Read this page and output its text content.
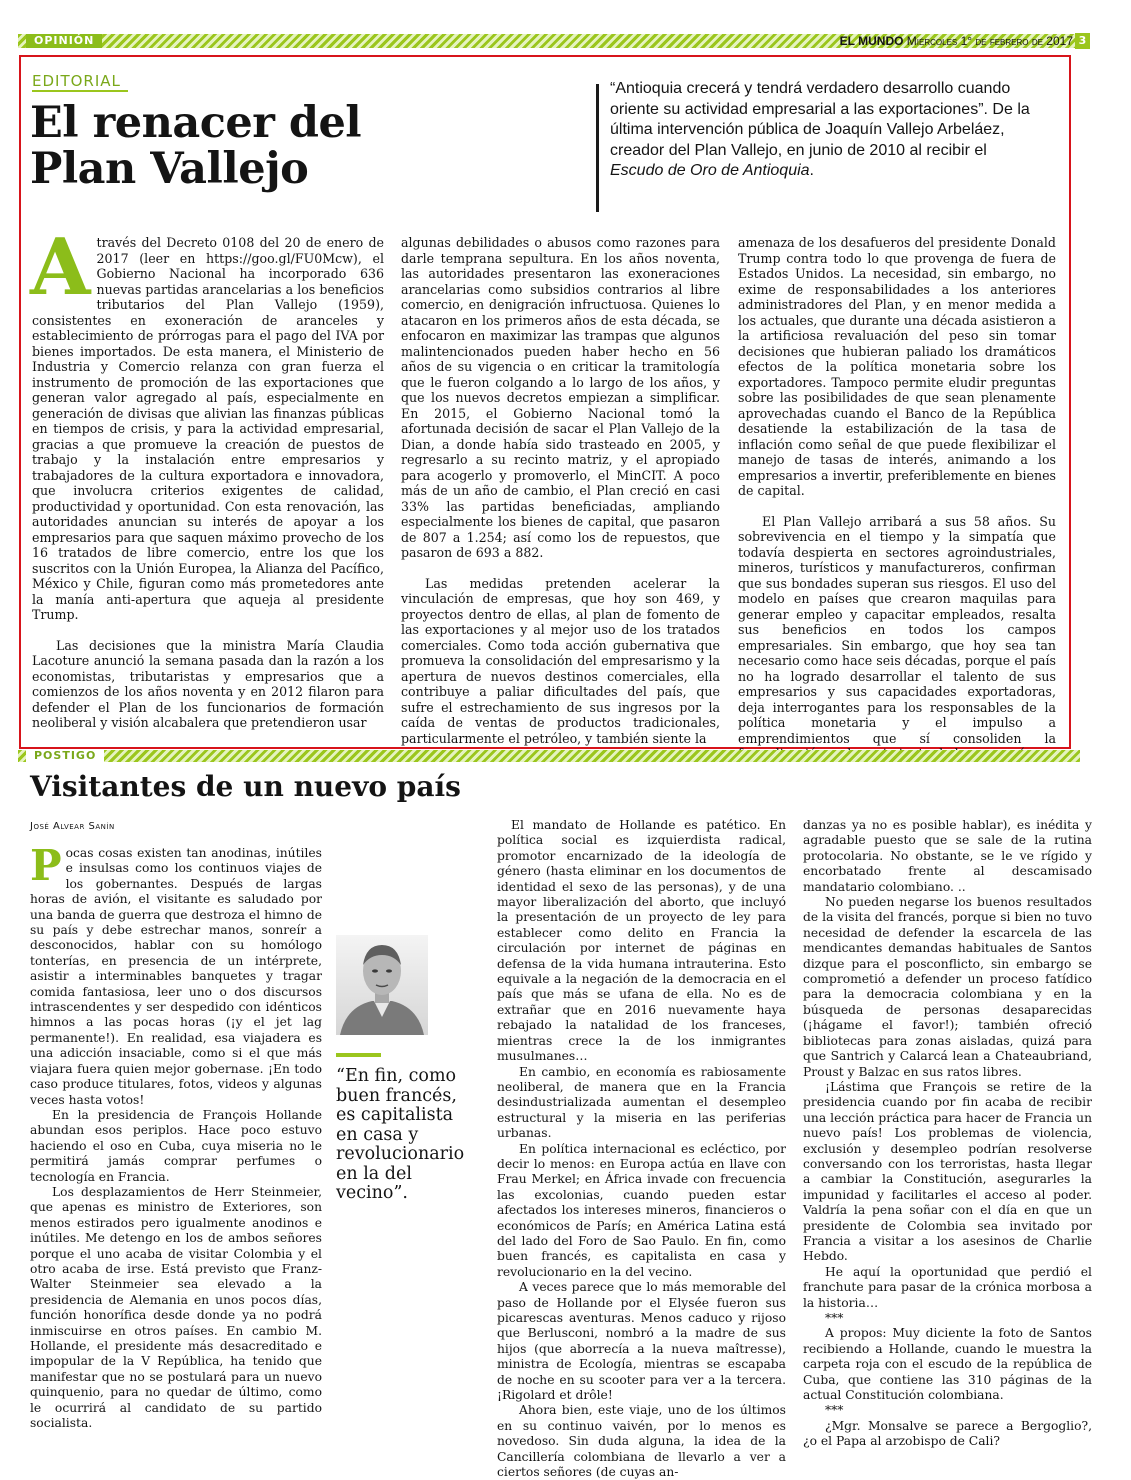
OPINIÓN	EL MUNDO Miércoles 1° de febrero de 2017 3
EDITORIAL
El renacer del Plan Vallejo
“Antioquia crecerá y tendrá verdadero desarrollo cuando oriente su actividad empresarial a las exportaciones”. De la última intervención pública de Joaquín Vallejo Arbeláez, creador del Plan Vallejo, en junio de 2010 al recibir el Escudo de Oro de Antioquia.

Através del Decreto 0108 del 20 de enero de 2017 (leer en https://goo.gl/FU0Mcw), el Gobierno Nacional ha incorporado 636 nuevas partidas arancelarias a los beneficios tributarios del Plan Vallejo (1959), consistentes en exoneración de aranceles y establecimiento de prórrogas para el pago del IVA por bienes importados. De esta manera, el Ministerio de Industria y Comercio relanza con gran fuerza el instrumento de promoción de las exportaciones que generan valor agregado al país, especialmente en generación de divisas que alivian las finanzas públicas en tiempos de crisis, y para la actividad empresarial, gracias a que promueve la creación de puestos de trabajo y la instalación entre empresarios y trabajadores de la cultura exportadora e innovadora, que involucra criterios exigentes de calidad, productividad y oportunidad. Con esta renovación, las autoridades anuncian su interés de apoyar a los empresarios para que saquen máximo provecho de los 16 tratados de libre comercio, entre los que los suscritos con la Unión Europea, la Alianza del Pacífico, México y Chile, figuran como más prometedores ante la manía anti-apertura que aqueja al presidente Trump.

Las decisiones que la ministra María Claudia Lacoture anunció la semana pasada dan la razón a los economistas, tributaristas y empresarios que a comienzos de los años noventa y en 2012 filaron para defender el Plan de los funcionarios de formación neoliberal y visión alcabalera que pretendieron usar

algunas debilidades o abusos como razones para darle temprana sepultura. En los años noventa, las autoridades presentaron las exoneraciones arancelarias como subsidios contrarios al libre comercio, en denigración infructuosa. Quienes lo atacaron en los primeros años de esta década, se enfocaron en maximizar las trampas que algunos malintencionados pueden haber hecho en 56 años de su vigencia o en criticar la tramitología que le fueron colgando a lo largo de los años, y que los nuevos decretos empiezan a simplificar. En 2015, el Gobierno Nacional tomó la afortunada decisión de sacar el Plan Vallejo de la Dian, a donde había sido trasteado en 2005, y regresarlo a su recinto matriz, y el apropiado para acogerlo y promoverlo, el MinCIT. A poco más de un año de cambio, el Plan creció en casi 33% las partidas beneficiadas, ampliando especialmente los bienes de capital, que pasaron de 807 a 1.254; así como los de repuestos, que pasaron de 693 a 882.

Las medidas pretenden acelerar la vinculación de empresas, que hoy son 469, y proyectos dentro de ellas, al plan de fomento de las exportaciones y al mejor uso de los tratados comerciales. Como toda acción gubernativa que promueva la consolidación del empresarismo y la apertura de nuevos destinos comerciales, ella contribuye a paliar dificultades del país, que sufre el estrechamiento de sus ingresos por la caída de ventas de productos tradicionales, particularmente el petróleo, y también siente la

amenaza de los desafueros del presidente Donald Trump contra todo lo que provenga de fuera de Estados Unidos. La necesidad, sin embargo, no exime de responsabilidades a los anteriores administradores del Plan, y en menor medida a los actuales, que durante una década asistieron a la artificiosa revaluación del peso sin tomar decisiones que hubieran paliado los dramáticos efectos de la política monetaria sobre los exportadores. Tampoco permite eludir preguntas sobre las posibilidades de que sean plenamente aprovechadas cuando el Banco de la República desatiende la estabilización de la tasa de inflación como señal de que puede flexibilizar el manejo de tasas de interés, animando a los empresarios a invertir, preferiblemente en bienes de capital.

El Plan Vallejo arribará a sus 58 años. Su sobrevivencia en el tiempo y la simpatía que todavía despierta en sectores agroindustriales, mineros, turísticos y manufactureros, confirman que sus bondades superan sus riesgos. El uso del modelo en países que crearon maquilas para generar empleo y capacitar empleados, resalta sus beneficios en todos los campos empresariales. Sin embargo, que hoy sea tan necesario como hace seis décadas, porque el país no ha logrado desarrollar el talento de sus empresarios y sus capacidades exportadoras, deja interrogantes para los responsables de la política monetaria y el impulso a emprendimientos que sí consoliden la

POSTIGO
Visitantes de un nuevo país
José Alvear Sanín

Pocas cosas existen tan anodinas, inútiles e insulsas como los continuos viajes de los gobernantes. Después de largas horas de avión, el visitante es saludado por una banda de guerra que destroza el himno de su país y debe estrechar manos, sonreír a desconocidos, hablar con su homólogo tonterías, en presencia de un intérprete, asistir a interminables banquetes y tragar comida fantasiosa, leer uno o dos discursos intrascendentes y ser despedido con idénticos himnos a las pocas horas (¡y el jet lag permanente!). En realidad, esa viajadera es una adicción insaciable, como si el que más viajara fuera quien mejor gobernase. ¡En todo caso produce titulares, fotos, videos y algunas veces hasta votos!

En la presidencia de François Hollande abundan esos periplos. Hace poco estuvo haciendo el oso en Cuba, cuya miseria no le permitirá jamás comprar perfumes o tecnología en Francia.

Los desplazamientos de Herr Steinmeier, que apenas es ministro de Exteriores, son menos estirados pero igualmente anodinos e inútiles. Me detengo en los de ambos señores porque el uno acaba de visitar Colombia y el otro acaba de irse. Está previsto que Franz-Walter Steinmeier sea elevado a la presidencia de Alemania en unos pocos días, función honorífica desde donde ya no podrá inmiscuirse en otros países. En cambio M. Hollande, el presidente más desacreditado e impopular de la V República, ha tenido que manifestar que no se postulará para un nuevo quinquenio, para no quedar de último, como le ocurrirá al candidato de su partido socialista.

“En fin, como buen francés, es capitalista en casa y revolucionario en la del vecino”.

El mandato de Hollande es patético. En política social es izquierdista radical, promotor encarnizado de la ideología de género (hasta eliminar en los documentos de identidad el sexo de las personas), y de una mayor liberalización del aborto, que incluyó la presentación de un proyecto de ley para establecer como delito en Francia la circulación por internet de páginas en defensa de la vida humana intrauterina. Esto equivale a la negación de la democracia en el país que más se ufana de ella. No es de extrañar que en 2016 nuevamente haya rebajado la natalidad de los franceses, mientras crece la de los inmigrantes musulmanes…

En cambio, en economía es rabiosamente neoliberal, de manera que en la Francia desindustrializada aumentan el desempleo estructural y la miseria en las periferias urbanas.

En política internacional es ecléctico, por decir lo menos: en Europa actúa en llave con Frau Merkel; en África invade con frecuencia las excolonias, cuando pueden estar afectados los intereses mineros, financieros o económicos de París; en América Latina está del lado del Foro de Sao Paulo. En fin, como buen francés, es capitalista en casa y revolucionario en la del vecino.

A veces parece que lo más memorable del paso de Hollande por el Elysée fueron sus picarescas aventuras. Menos caduco y rijoso que Berlusconi, nombró a la madre de sus hijos (que aborrecía a la nueva maîtresse), ministra de Ecología, mientras se escapaba de noche en su scooter para ver a la tercera. ¡Rigolard et drôle!

Ahora bien, este viaje, uno de los últimos en su continuo vaivén, por lo menos es novedoso. Sin duda alguna, la idea de la Cancillería colombiana de llevarlo a ver a ciertos señores (de cuyas an-

danzas ya no es posible hablar), es inédita y agradable puesto que se sale de la rutina protocolaria. No obstante, se le ve rígido y encorbatado frente al descamisado mandatario colombiano. ..

No pueden negarse los buenos resultados de la visita del francés, porque si bien no tuvo necesidad de defender la escarcela de las mendicantes demandas habituales de Santos dizque para el posconflicto, sin embargo se comprometió a defender un proceso fatídico para la democracia colombiana y en la búsqueda de personas desaparecidas (¡hágame el favor!); también ofreció bibliotecas para zonas aisladas, quizá para que Santrich y Calarcá lean a Chateaubriand, Proust y Balzac en sus ratos libres.

¡Lástima que François se retire de la presidencia cuando por fin acaba de recibir una lección práctica para hacer de Francia un nuevo país! Los problemas de violencia, exclusión y desempleo podrían resolverse conversando con los terroristas, hasta llegar a cambiar la Constitución, asegurarles la impunidad y facilitarles el acceso al poder. Valdría la pena soñar con el día en que un presidente de Colombia sea invitado por Francia a visitar a los asesinos de Charlie Hebdo.

He aquí la oportunidad que perdió el franchute para pasar de la crónica morbosa a la historia…

***

A propos: Muy diciente la foto de Santos recibiendo a Hollande, cuando le muestra la carpeta roja con el escudo de la república de Cuba, que contiene las 310 páginas de la actual Constitución colombiana.

***

¿Mgr. Monsalve se parece a Bergoglio?, ¿o el Papa al arzobispo de Cali?
